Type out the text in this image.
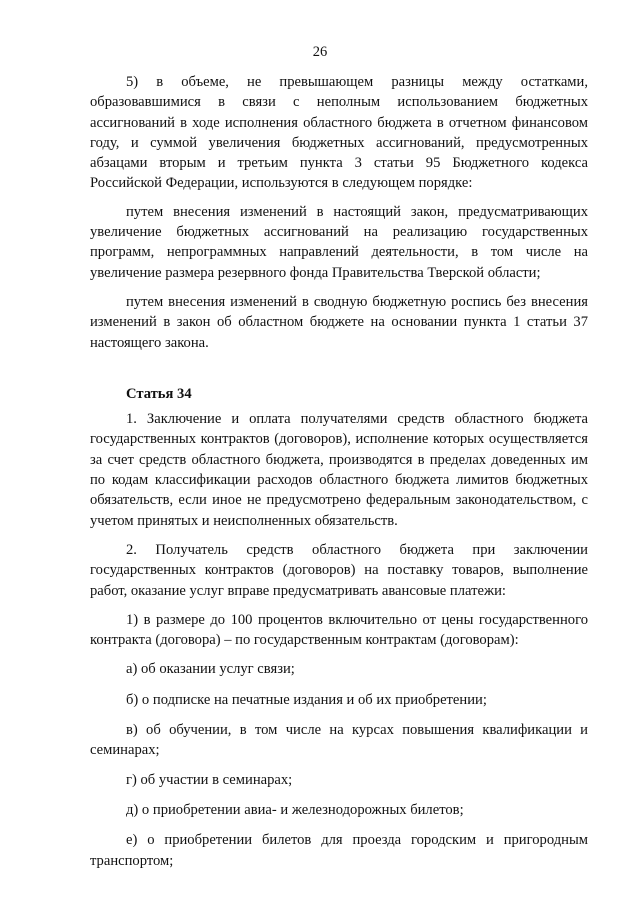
26

5) в объеме, не превышающем разницы между остатками, образовавшимися в связи с неполным использованием бюджетных ассигнований в ходе исполнения областного бюджета в отчетном финансовом году, и суммой увеличения бюджетных ассигнований, предусмотренных абзацами вторым и третьим пункта 3 статьи 95 Бюджетного кодекса Российской Федерации, используются в следующем порядке:

путем внесения изменений в настоящий закон, предусматривающих увеличение бюджетных ассигнований на реализацию государственных программ, непрограммных направлений деятельности, в том числе на увеличение размера резервного фонда Правительства Тверской области;

путем внесения изменений в сводную бюджетную роспись без внесения изменений в закон об областном бюджете на основании пункта 1 статьи 37 настоящего закона.

Статья 34

1. Заключение и оплата получателями средств областного бюджета государственных контрактов (договоров), исполнение которых осуществляется за счет средств областного бюджета, производятся в пределах доведенных им по кодам классификации расходов областного бюджета лимитов бюджетных обязательств, если иное не предусмотрено федеральным законодательством, с учетом принятых и неисполненных обязательств.

2. Получатель средств областного бюджета при заключении государственных контрактов (договоров) на поставку товаров, выполнение работ, оказание услуг вправе предусматривать авансовые платежи:

1) в размере до 100 процентов включительно от цены государственного контракта (договора) – по государственным контрактам (договорам):

а) об оказании услуг связи;

б) о подписке на печатные издания и об их приобретении;

в) об обучении, в том числе на курсах повышения квалификации и семинарах;

г) об участии в семинарах;

д) о приобретении авиа- и железнодорожных билетов;

е) о приобретении билетов для проезда городским и пригородным транспортом;
